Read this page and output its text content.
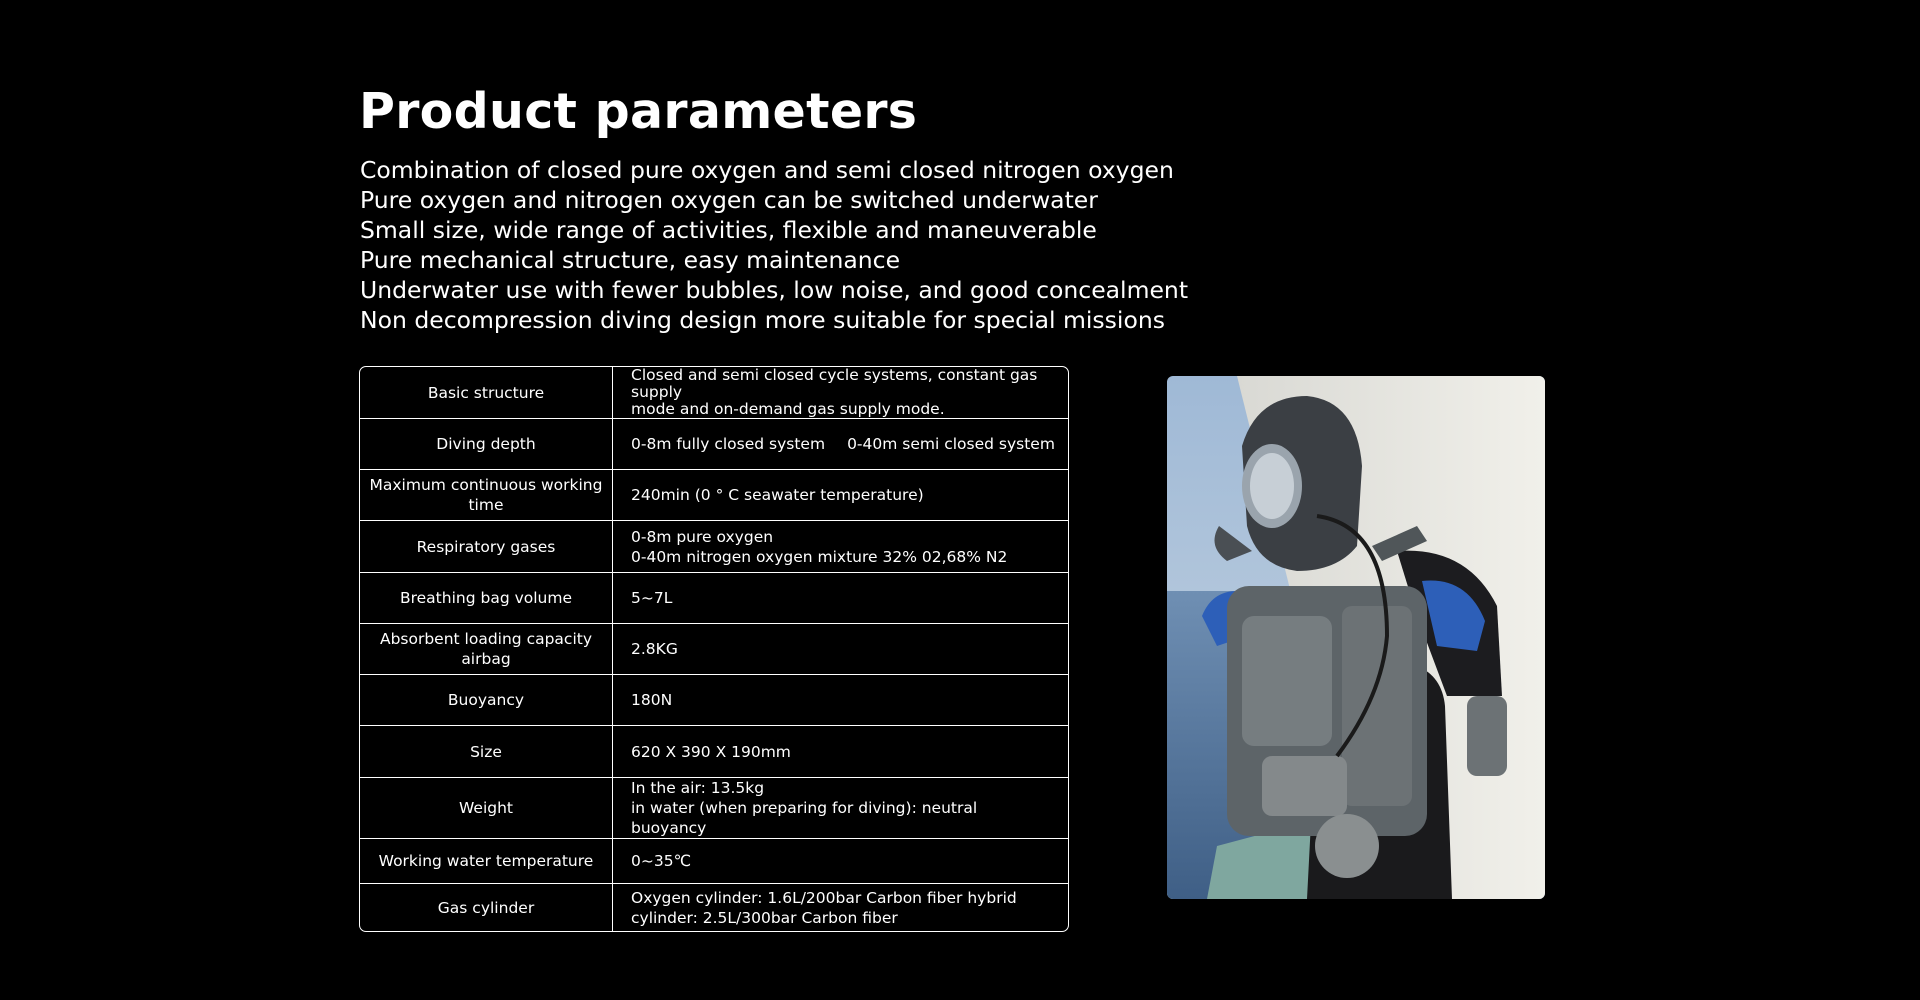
Product parameters
Combination of closed pure oxygen and semi closed nitrogen oxygen
Pure oxygen and nitrogen oxygen can be switched underwater
Small size, wide range of activities, flexible and maneuverable
Pure mechanical structure, easy maintenance
Underwater use with fewer bubbles, low noise, and good concealment
Non decompression diving design more suitable for special missions
Basic structure	Closed and semi closed cycle systems, constant gas supply
mode and on-demand gas supply mode.

Diving depth	0-8m fully closed system 0-40m semi closed system
Maximum continuous working time	240min (0 ° C seawater temperature)

Respiratory gases	0-8m pure oxygen
0-40m nitrogen oxygen mixture 32% 02,68% N2

Breathing bag volume	5~7L

Absorbent loading capacity airbag	2.8KG

Buoyancy	180N

Size	620 X 390 X 190mm

Weight	In the air: 13.5kg
in water (when preparing for diving): neutral buoyancy

Working water temperature	0~35℃

Gas cylinder	Oxygen cylinder: 1.6L/200bar Carbon fiber hybrid
cylinder: 2.5L/300bar Carbon fiber
